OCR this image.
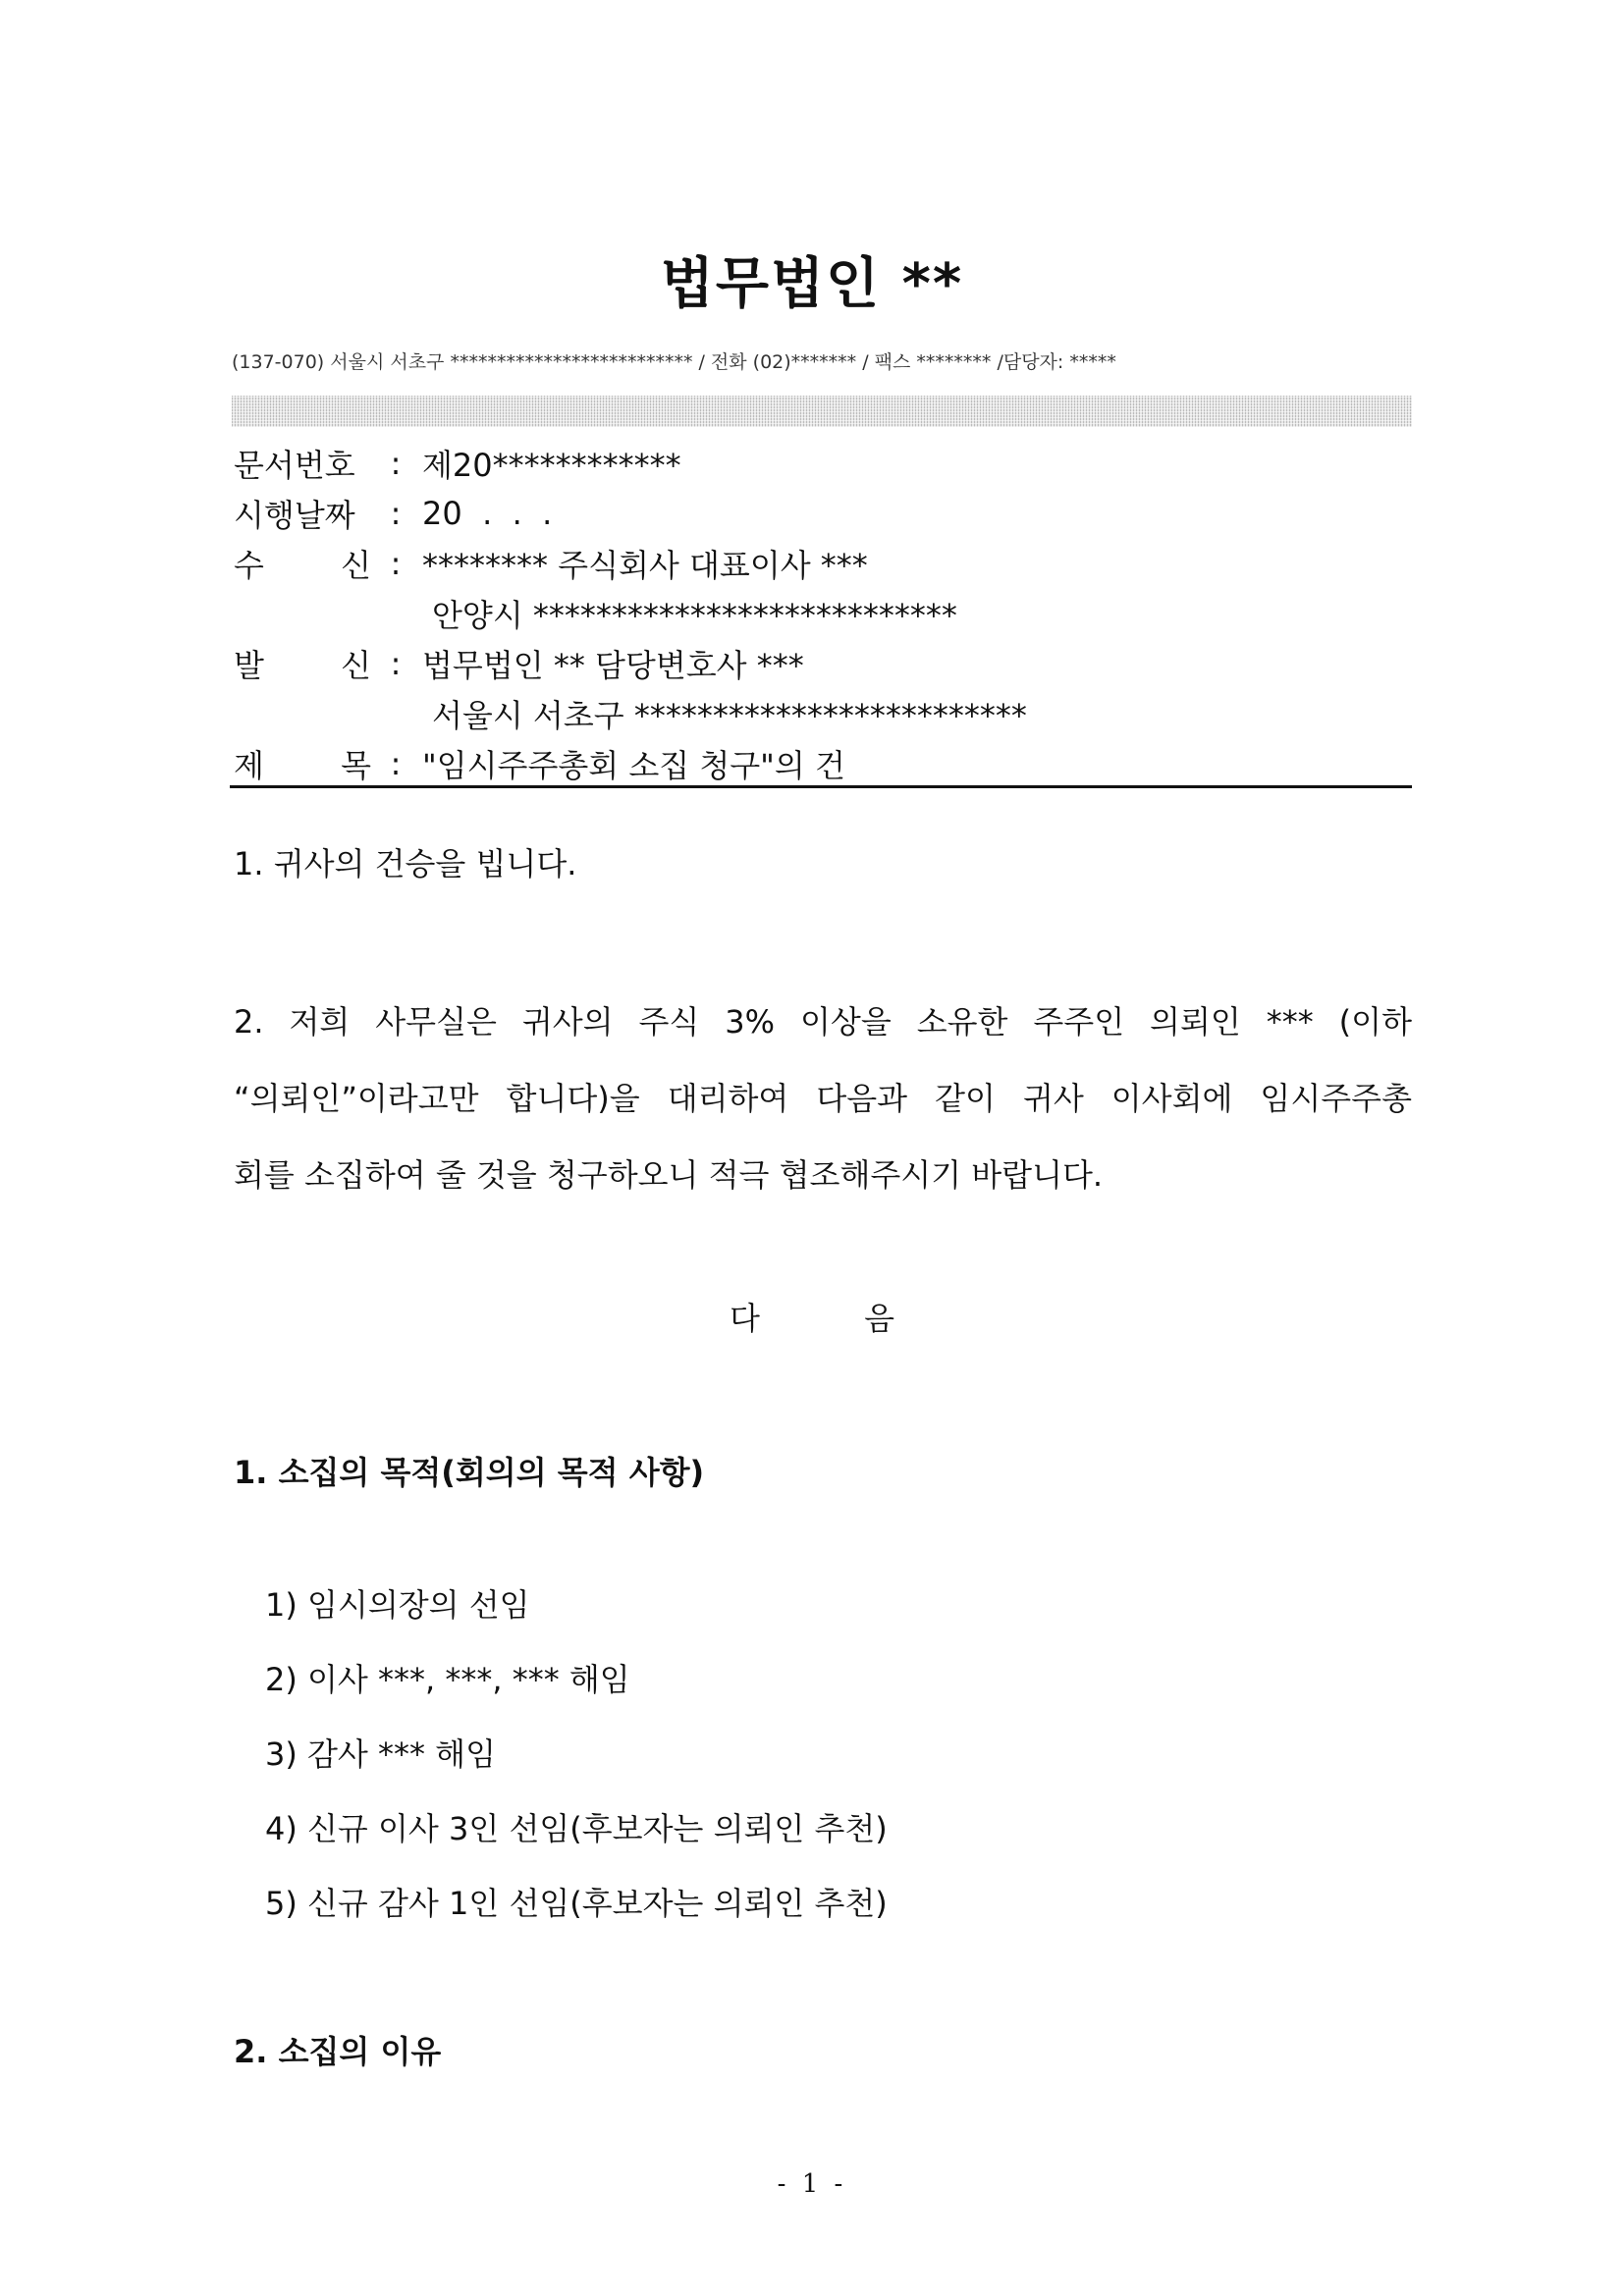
법무법인 **
(137-070) 서울시 서초구 ************************** / 전화 (02)******* / 팩스 ******** /담당자: *****
문서번호	: 제20************
시행날짜	: 20  .  .  .
수 신 : ******** 주식회사 대표이사 ***
안양시 ***************************
발 신 : 법무법인 ** 담당변호사 ***
서울시 서초구 *************************
제 목 : "임시주주총회 소집 청구"의 건
1. 귀사의 건승을 빕니다.
2. 저희 사무실은 귀사의 주식 3% 이상을 소유한 주주인 의뢰인 *** (이하
“의뢰인”이라고만 합니다)을 대리하여 다음과 같이 귀사 이사회에 임시주주총
회를 소집하여 줄 것을 청구하오니 적극 협조해주시기 바랍니다.
다 음
1. 소집의 목적(회의의 목적 사항)
1) 임시의장의 선임
2) 이사 ***, ***, *** 해임
3) 감사 *** 해임
4) 신규 이사 3인 선임(후보자는 의뢰인 추천)
5) 신규 감사 1인 선임(후보자는 의뢰인 추천)
2. 소집의 이유
- 1 -
